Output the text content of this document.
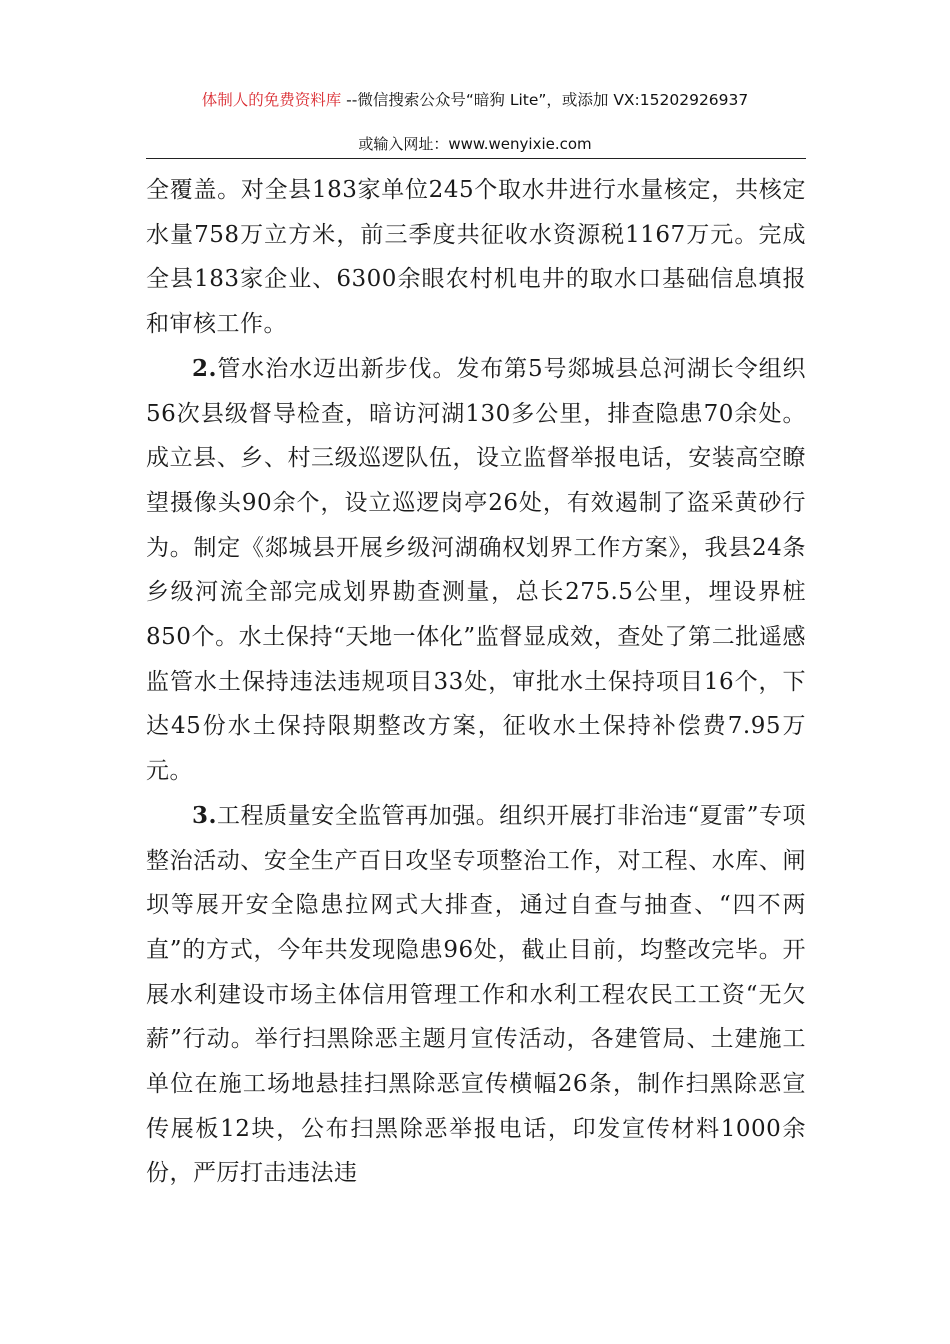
体制人的免费资料库 --微信搜索公众号“暗狗 Lite”，或添加 VX:15202926937
或输入网址：www.wenyixie.com

全覆盖。对全县183家单位245个取水井进行水量核定，共核定水量758万立方米，前三季度共征收水资源税1167万元。完成全县183家企业、6300余眼农村机电井的取水口基础信息填报和审核工作。

2.管水治水迈出新步伐。发布第5号郯城县总河湖长令组织56次县级督导检查，暗访河湖130多公里，排查隐患70余处。成立县、乡、村三级巡逻队伍，设立监督举报电话，安装高空瞭望摄像头90余个，设立巡逻岗亭26处，有效遏制了盗采黄砂行为。制定《郯城县开展乡级河湖确权划界工作方案》，我县24条乡级河流全部完成划界勘查测量，总长275.5公里，埋设界桩850个。水土保持“天地一体化”监督显成效，查处了第二批遥感监管水土保持违法违规项目33处，审批水土保持项目16个，下达45份水土保持限期整改方案，征收水土保持补偿费7.95万元。

3.工程质量安全监管再加强。组织开展打非治违“夏雷”专项整治活动、安全生产百日攻坚专项整治工作，对工程、水库、闸坝等展开安全隐患拉网式大排查，通过自查与抽查、“四不两直”的方式，今年共发现隐患96处，截止目前，均整改完毕。开展水利建设市场主体信用管理工作和水利工程农民工工资“无欠薪”行动。举行扫黑除恶主题月宣传活动，各建管局、土建施工单位在施工场地悬挂扫黑除恶宣传横幅26条，制作扫黑除恶宣传展板12块，公布扫黑除恶举报电话，印发宣传材料1000余份，严厉打击违法违
